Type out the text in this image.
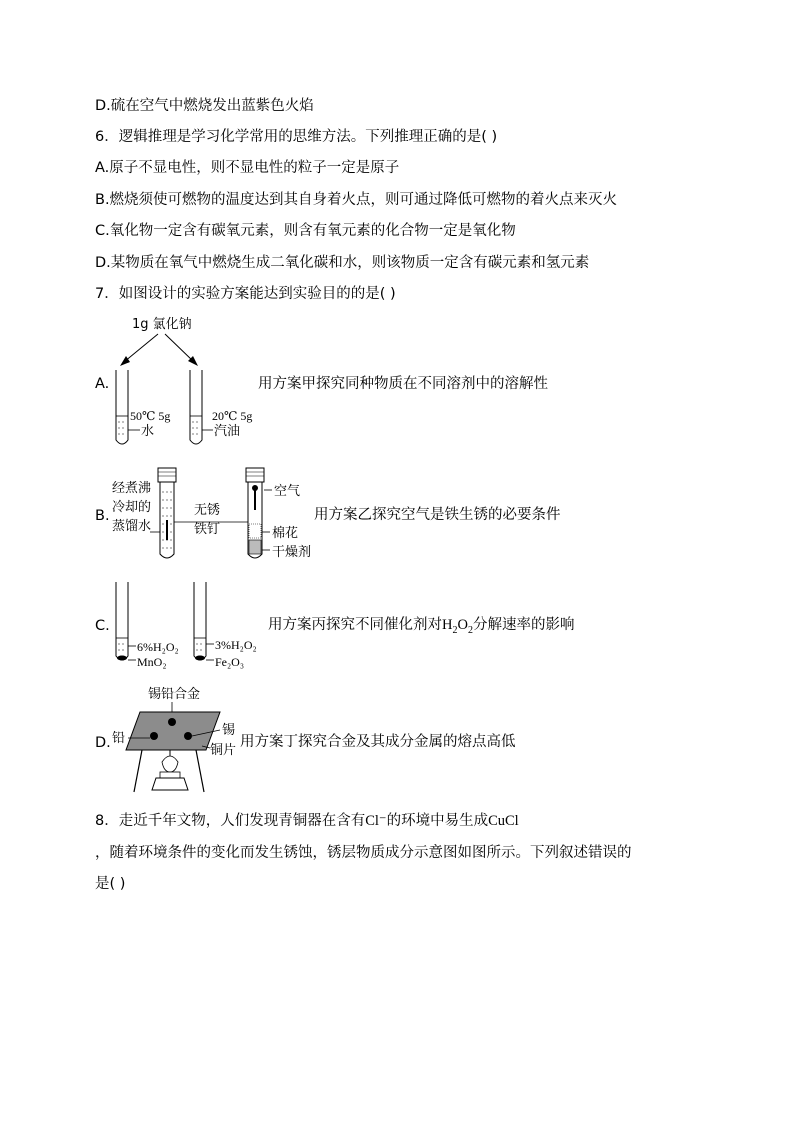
D.硫在空气中燃烧发出蓝紫色火焰
6．逻辑推理是学习化学常用的思维方法。下列推理正确的是( )
A.原子不显电性，则不显电性的粒子一定是原子
B.燃烧须使可燃物的温度达到其自身着火点，则可通过降低可燃物的着火点来灭火
C.氧化物一定含有碳氧元素，则含有氧元素的化合物一定是氧化物
D.某物质在氧气中燃烧生成二氧化碳和水，则该物质一定含有碳元素和氢元素
7．如图设计的实验方案能达到实验目的的是( )
A.	用方案甲探究同种物质在不同溶剂中的溶解性
1g 氯化钠
50℃ 5g
水
20℃ 5g
汽油
B.	用方案乙探究空气是铁生锈的必要条件
经煮沸
冷却的
蒸馏水
无锈
铁钉
空气
棉花
干燥剂
C.	用方案丙探究不同催化剂对$H_2O_2$分解速率的影响
6%H₂O₂
MnO₂
3%H₂O₂
Fe₂O₃
D.	用方案丁探究合金及其成分金属的熔点高低
锡铅合金
铅
锡
铜片
8．走近千年文物，人们发现青铜器在含有Cl⁻的环境中易生成CuCl
，随着环境条件的变化而发生锈蚀，锈层物质成分示意图如图所示。下列叙述错误的
是( )
